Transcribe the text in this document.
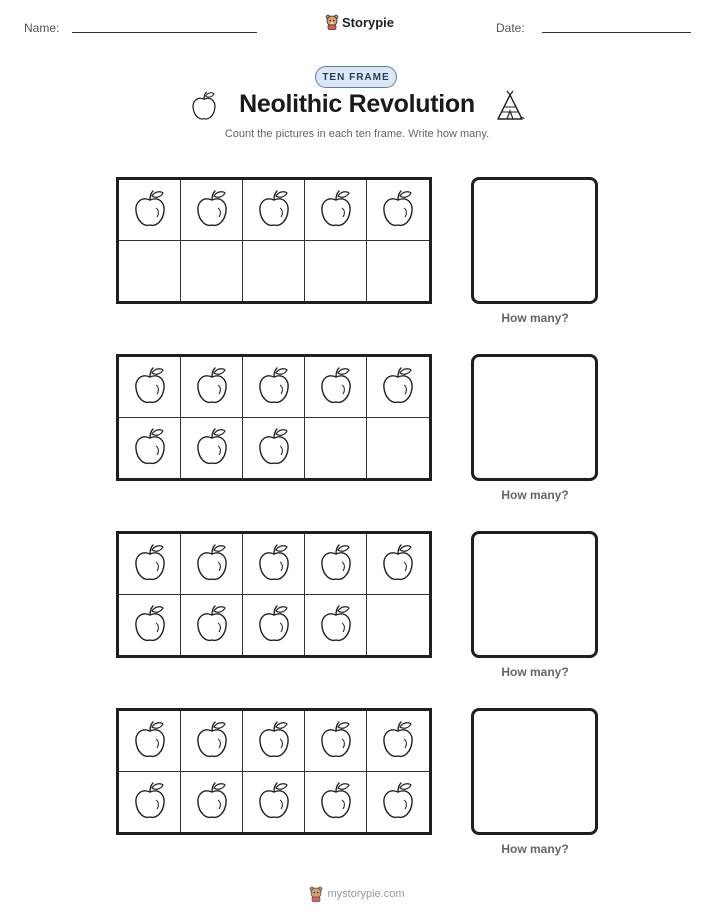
Name:	Storypie	Date:
TEN FRAME
Neolithic Revolution
Count the pictures in each ten frame. Write how many.
How many?
How many?
How many?
How many?
mystorypie.com
